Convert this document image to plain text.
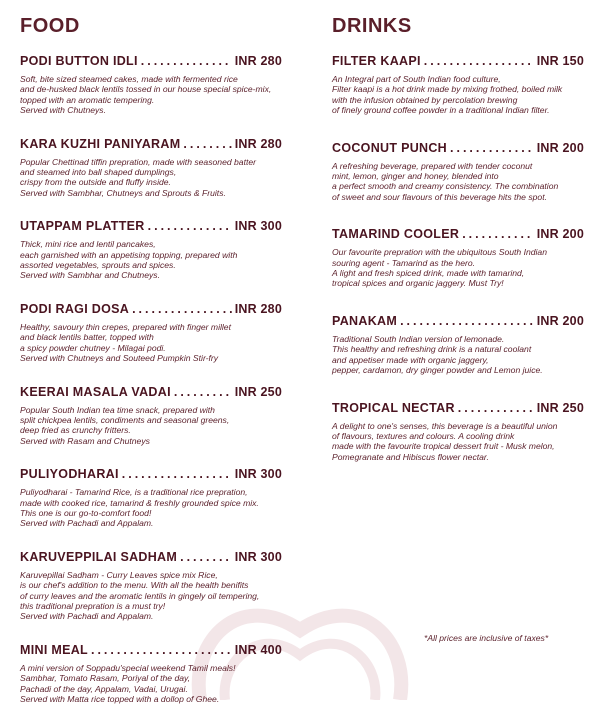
FOOD
PODI BUTTON IDLI .....	INR 280
Soft, bite sized steamed cakes, made with fermented rice
and de-husked black lentils tossed in our house special spice-mix,
topped with an aromatic tempering.
Served with Chutneys.
KARA KUZHI PANIYARAM .....	INR 280
Popular Chettinad tiffin prepration, made with seasoned batter
and steamed into ball shaped dumplings,
crispy from the outside and fluffy inside.
Served with Sambhar, Chutneys and Sprouts & Fruits.
UTAPPAM PLATTER .....	INR 300
Thick, mini rice and lentil pancakes,
each garnished with an appetising topping, prepared with
assorted vegetables, sprouts and spices.
Served with Sambhar and Chutneys.
PODI RAGI DOSA .....	INR 280
Healthy, savoury thin crepes, prepared with finger millet
and black lentils batter, topped with
a spicy powder chutney - Milagai podi.
Served with Chutneys and Souteed Pumpkin Stir-fry
KEERAI MASALA VADAI .....	INR 250
Popular South Indian tea time snack, prepared with
split chickpea lentils, condiments and seasonal greens,
deep fried as crunchy fritters.
Served with Rasam and Chutneys
PULIYODHARAI .....	INR 300
Puliyodharai - Tamarind Rice, is a traditional rice prepration,
made with cooked rice, tamarind & freshly grounded spice mix.
This one is our go-to-comfort food!
Served with Pachadi and Appalam.
KARUVEPPILAI SADHAM .....	INR 300
Karuvepillai Sadham - Curry Leaves spice mix Rice,
is our chef's addition to the menu. With all the health benifits
of curry leaves and the aromatic lentils in gingely oil tempering,
this traditional prepration is a must try!
Served with Pachadi and Appalam.
MINI MEAL .....	INR 400
A mini version of Soppadu'special weekend Tamil meals!
Sambhar, Tomato Rasam, Poriyal of the day,
Pachadi of the day, Appalam, Vadai, Urugai.
Served with Matta rice topped with a dollop of Ghee.
DRINKS
FILTER KAAPI .....	INR 150
An Integral part of South Indian food culture,
Filter kaapi is a hot drink made by mixing frothed, boiled milk
with the infusion obtained by percolation brewing
of finely ground coffee powder in a traditional Indian filter.
COCONUT PUNCH .....	INR 200
A refreshing beverage, prepared with tender coconut
mint, lemon, ginger and honey, blended into
a perfect smooth and creamy consistency. The combination
of sweet and sour flavours of this beverage hits the spot.
TAMARIND COOLER .....	INR 200
Our favourite prepration with the ubiquitous South Indian
souring agent - Tamarind as the hero.
A light and fresh spiced drink, made with tamarind,
tropical spices and organic jaggery. Must Try!
PANAKAM .....	INR 200
Traditional South Indian version of lemonade.
This healthy and refreshing drink is a natural coolant
and appetiser made with organic jaggery,
pepper, cardamon, dry ginger powder and Lemon juice.
TROPICAL NECTAR .....	INR 250
A delight to one's senses, this beverage is a beautiful union
of flavours, textures and colours. A cooling drink
made with the favourite tropical dessert fruit - Musk melon,
Pomegranate and Hibiscus flower nectar.
*All prices are inclusive of taxes*
